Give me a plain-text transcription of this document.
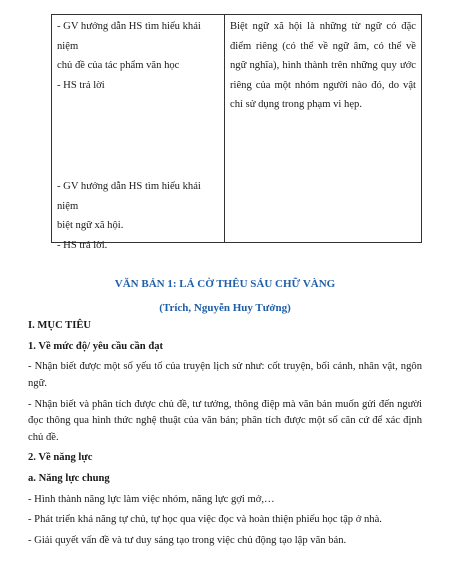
- GV hướng dẫn HS tìm hiểu khái niệm
chủ đề của tác phẩm văn học
- HS trả lời
- GV hướng dẫn HS tìm hiểu khái niệm
biệt ngữ xã hội.
- HS trả lời.
	Biệt ngữ xã hội là những từ ngữ có đặc điểm riêng (có thể về ngữ âm, có thể về ngữ nghĩa), hình thành trên những quy ước riêng của một nhóm người nào đó, do vật chỉ sử dụng trong phạm vi hẹp.
VĂN BẢN 1: LÁ CỜ THÊU SÁU CHỮ VÀNG
(Trích, Nguyễn Huy Tưởng)

I. MỤC TIÊU

1. Về mức độ/ yêu cầu cần đạt

- Nhận biết được một số yếu tố của truyện lịch sử như: cốt truyện, bối cảnh, nhân vật, ngôn ngữ.

- Nhận biết và phân tích được chủ đề, tư tưởng, thông điệp mà văn bản muốn gửi đến người đọc thông qua hình thức nghệ thuật của văn bản; phân tích được một số căn cứ để xác định chủ đề.

2. Về năng lực

a. Năng lực chung

- Hình thành năng lực làm việc nhóm, năng lực gợi mở,…

- Phát triển khả năng tự chủ, tự học qua việc đọc và hoàn thiện phiếu học tập ở nhà.

- Giải quyết vấn đề và tư duy sáng tạo trong việc chủ động tạo lập văn bản.
